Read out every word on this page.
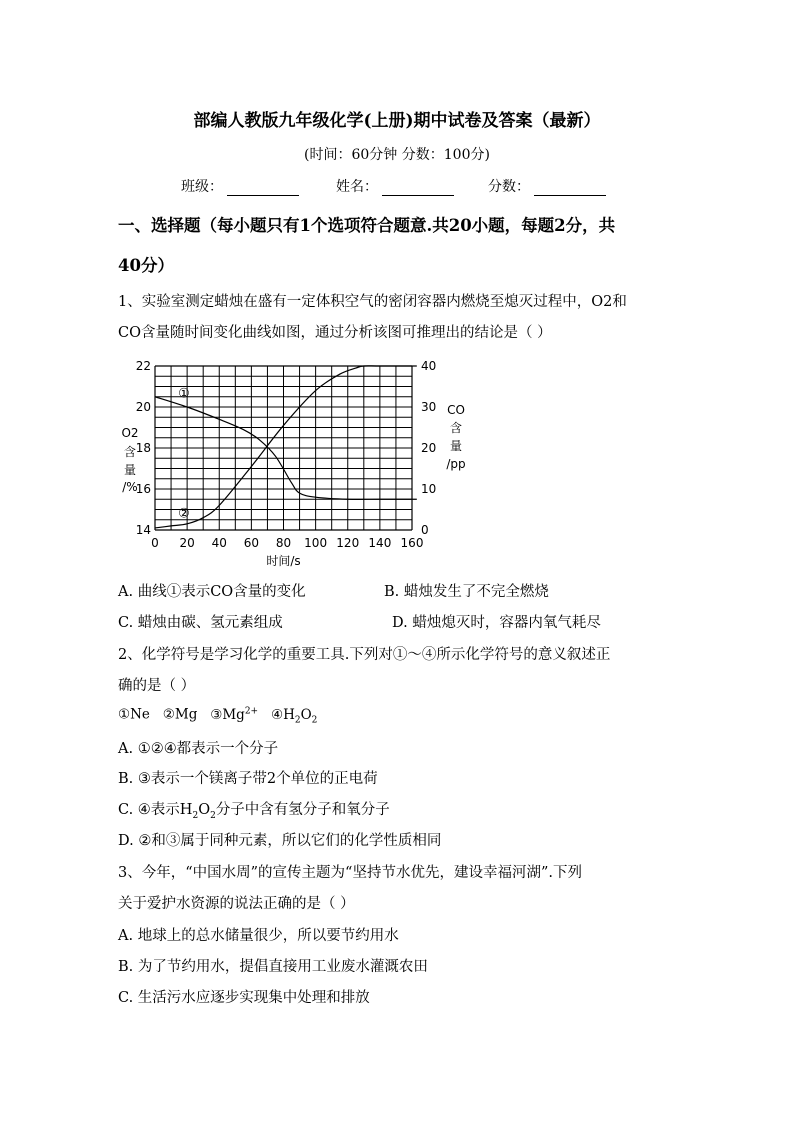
部编人教版九年级化学(上册)期中试卷及答案（最新）
(时间：60分钟 分数：100分)
班级：	姓名：	分数：
一、选择题（每小题只有1个选项符合题意.共20小题，每题2分，共
40分）
1、实验室测定蜡烛在盛有一定体积空气的密闭容器内燃烧至熄灭过程中，O2和
CO含量随时间变化曲线如图，通过分析该图可推理出的结论是（ ）
0 20 40 60 80 100 120 140 160
14
16
18
20
22
0
10
20
30
40
①
②
时间/s
O2
含
量
/%
CO
含
量
/pp
A. 曲线①表示CO含量的变化	B. 蜡烛发生了不完全燃烧
C. 蜡烛由碳、氢元素组成	D. 蜡烛熄灭时，容器内氧气耗尽
2、化学符号是学习化学的重要工具.下列对①～④所示化学符号的意义叙述正
确的是（ ）
①Ne ②Mg $③Mg^{2+}$ $④H_2O_2$
A. ①②④都表示一个分子
B. ③表示一个镁离子带2个单位的正电荷
C. ④表示$H_2O_2$分子中含有氢分子和氧分子
D. ②和③属于同种元素，所以它们的化学性质相同
3、今年，“中国水周”的宣传主题为“坚持节水优先，建设幸福河湖”.下列
关于爱护水资源的说法正确的是（ ）
A. 地球上的总水储量很少，所以要节约用水
B. 为了节约用水，提倡直接用工业废水灌溉农田
C. 生活污水应逐步实现集中处理和排放
